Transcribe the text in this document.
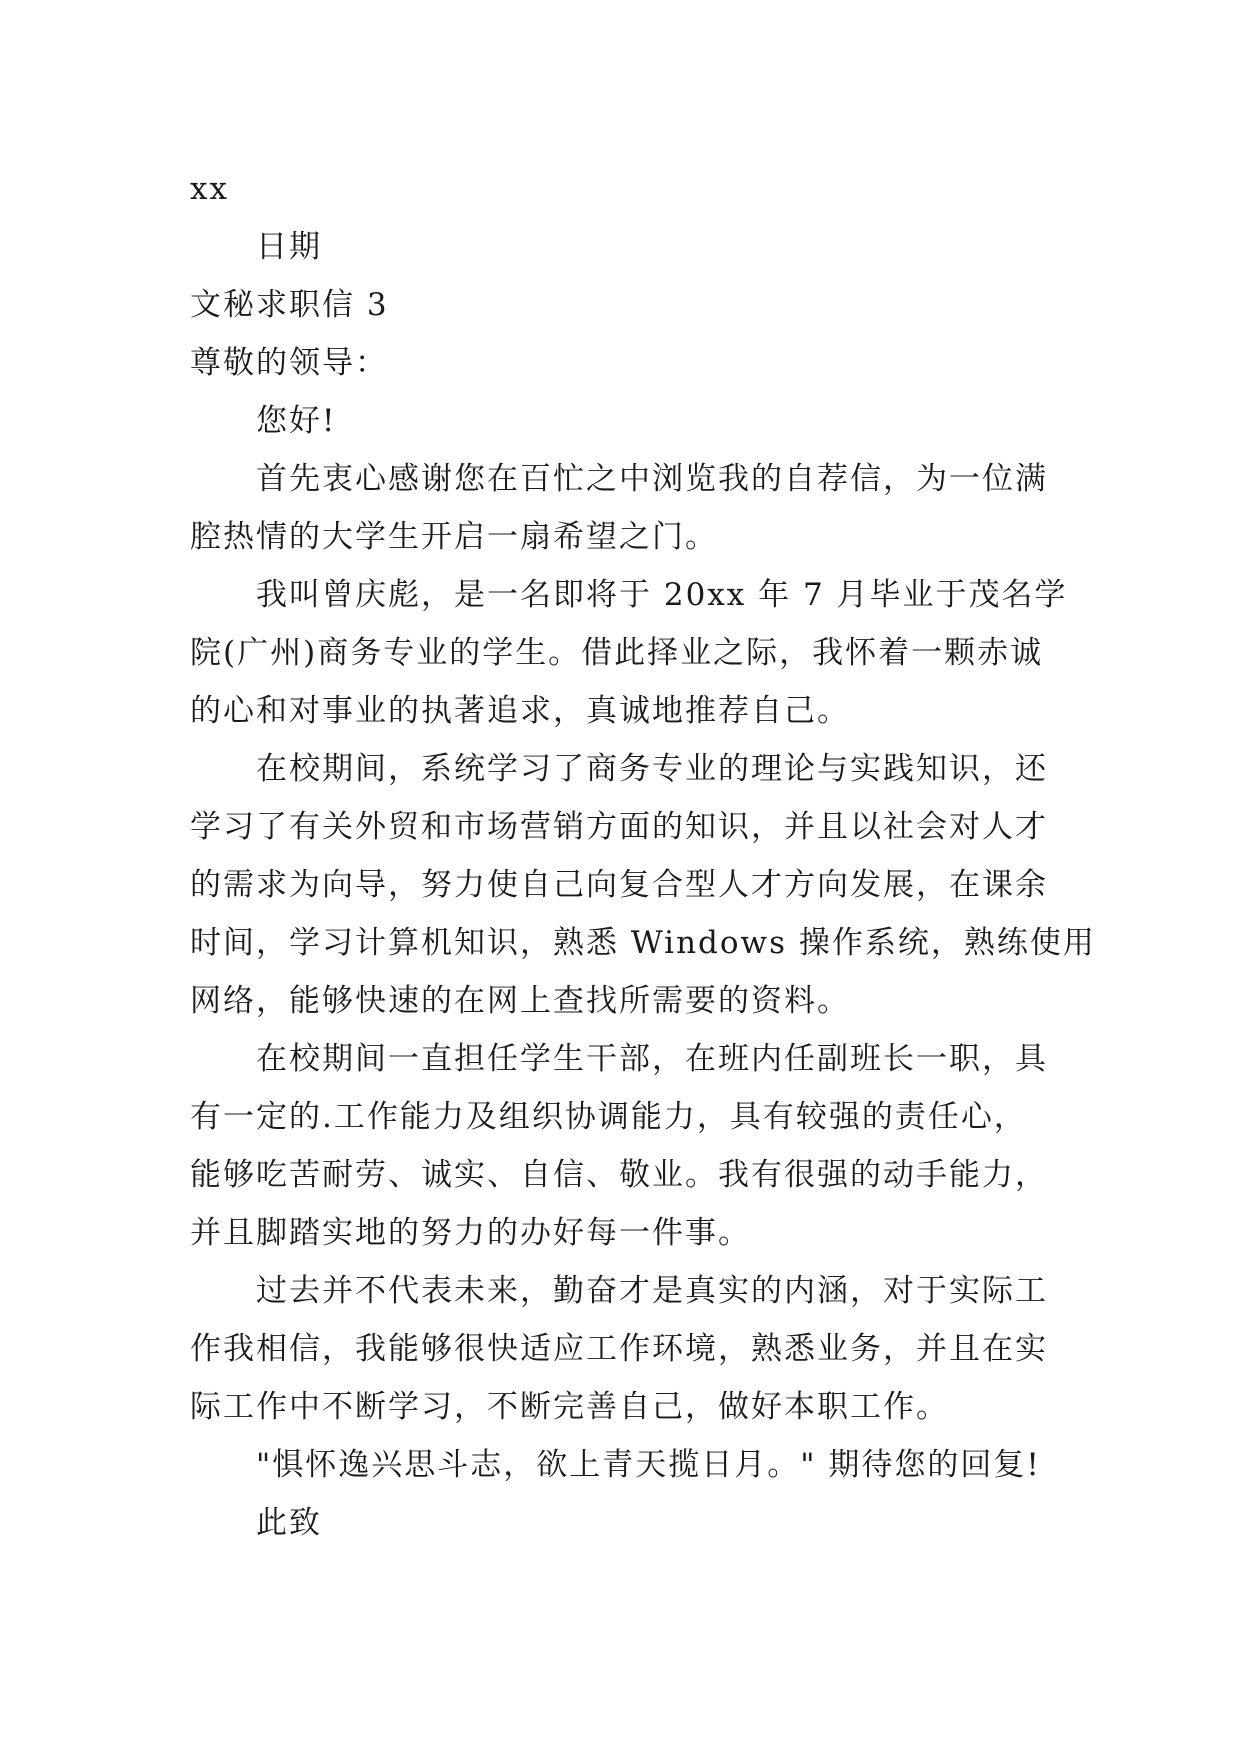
xx
日期
文秘求职信 3
尊敬的领导：
您好!
首先衷心感谢您在百忙之中浏览我的自荐信，为一位满
腔热情的大学生开启一扇希望之门。
我叫曾庆彪，是一名即将于 20xx 年 7 月毕业于茂名学
院(广州)商务专业的学生。借此择业之际，我怀着一颗赤诚
的心和对事业的执著追求，真诚地推荐自己。
在校期间，系统学习了商务专业的理论与实践知识，还
学习了有关外贸和市场营销方面的知识，并且以社会对人才
的需求为向导，努力使自己向复合型人才方向发展，在课余
时间，学习计算机知识，熟悉 Windows 操作系统，熟练使用
网络，能够快速的在网上查找所需要的资料。
在校期间一直担任学生干部，在班内任副班长一职，具
有一定的.工作能力及组织协调能力，具有较强的责任心，
能够吃苦耐劳、诚实、自信、敬业。我有很强的动手能力，
并且脚踏实地的努力的办好每一件事。
过去并不代表未来，勤奋才是真实的内涵，对于实际工
作我相信，我能够很快适应工作环境，熟悉业务，并且在实
际工作中不断学习，不断完善自己，做好本职工作。
"惧怀逸兴思斗志，欲上青天揽日月。" 期待您的回复!
此致
